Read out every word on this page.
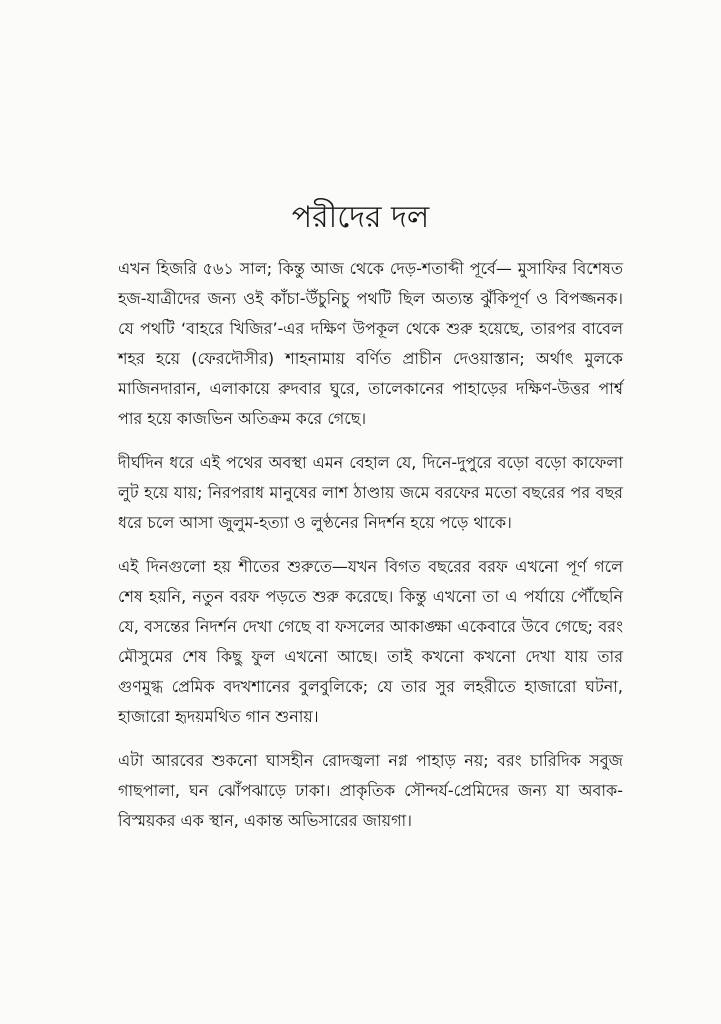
পরীদের দল

এখন হিজরি ৫৬১ সাল; কিন্তু আজ থেকে দেড়-শতাব্দী পূর্বে— মুসাফির বিশেষত হজ-যাত্রীদের জন্য ওই কাঁচা-উঁচুনিচু পথটি ছিল অত্যন্ত ঝুঁকিপূর্ণ ও বিপজ্জনক। যে পথটি ‘বাহরে খিজির’-এর দক্ষিণ উপকূল থেকে শুরু হয়েছে, তারপর বাবেল শহর হয়ে (ফেরদৌসীর) শাহনামায় বর্ণিত প্রাচীন দেওয়াস্তান; অর্থাৎ মুলকে মাজিনদারান, এলাকায়ে রুদবার ঘুরে, তালেকানের পাহাড়ের দক্ষিণ-উত্তর পার্শ্ব পার হয়ে কাজভিন অতিক্রম করে গেছে।

দীর্ঘদিন ধরে এই পথের অবস্থা এমন বেহাল যে, দিনে-দুপুরে বড়ো বড়ো কাফেলা লুট হয়ে যায়; নিরপরাধ মানুষের লাশ ঠাণ্ডায় জমে বরফের মতো বছরের পর বছর ধরে চলে আসা জুলুম-হত্যা ও লুণ্ঠনের নিদর্শন হয়ে পড়ে থাকে।

এই দিনগুলো হয় শীতের শুরুতে—যখন বিগত বছরের বরফ এখনো পূর্ণ গলে শেষ হয়নি, নতুন বরফ পড়তে শুরু করেছে। কিন্তু এখনো তা এ পর্যায়ে পৌঁছেনি যে, বসন্তের নিদর্শন দেখা গেছে বা ফসলের আকাঙ্ক্ষা একেবারে উবে গেছে; বরং মৌসুমের শেষ কিছু ফুল এখনো আছে। তাই কখনো কখনো দেখা যায় তার গুণমুগ্ধ প্রেমিক বদখশানের বুলবুলিকে; যে তার সুর লহরীতে হাজারো ঘটনা, হাজারো হৃদয়মথিত গান শুনায়।

এটা আরবের শুকনো ঘাসহীন রোদজ্বলা নগ্ন পাহাড় নয়; বরং চারিদিক সবুজ গাছপালা, ঘন ঝোঁপঝাড়ে ঢাকা। প্রাকৃতিক সৌন্দর্য-প্রেমিদের জন্য যা অবাক-বিস্ময়কর এক স্থান, একান্ত অভিসারের জায়গা।
